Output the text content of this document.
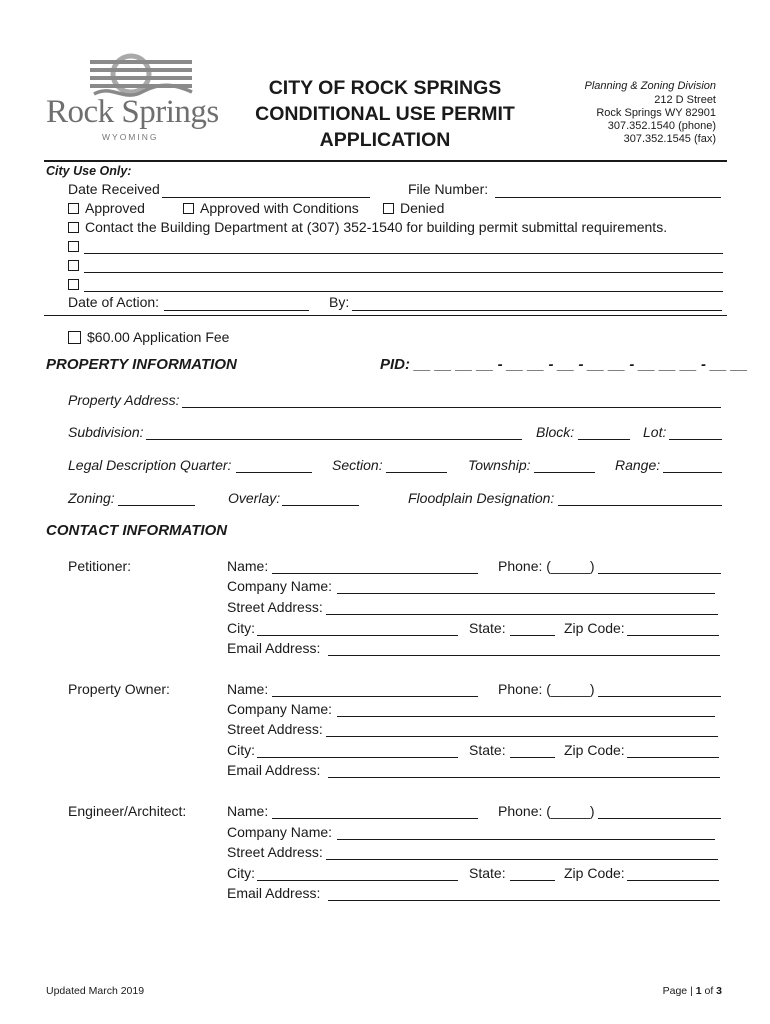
Rock Springs
WYOMING
CITY OF ROCK SPRINGS
CONDITIONAL USE PERMIT
APPLICATION
Planning & Zoning Division
212 D Street
Rock Springs WY 82901
307.352.1540 (phone)
307.352.1545 (fax)
City Use Only:
Date Received	File Number:
Approved	Approved with Conditions	Denied
Contact the Building Department at (307) 352-1540 for building permit submittal requirements.
Date of Action:	By:
$60.00 Application Fee
PROPERTY INFORMATION	PID: __ __ __ __ - __ __ - __ - __ __ - __ __ __ - __ __
Property Address:
Subdivision:	Block:	Lot:
Legal Description Quarter:	Section:	Township:	Range:
Zoning:	Overlay:	Floodplain Designation:
CONTACT INFORMATION
Petitioner:	Name:	Phone: (_____)
Company Name:
Street Address:
City:	State:	Zip Code:
Email Address:
Property Owner:	Name:	Phone: (_____)
Company Name:
Street Address:
City:	State:	Zip Code:
Email Address:
Engineer/Architect:	Name:	Phone: (_____)
Company Name:
Street Address:
City:	State:	Zip Code:
Email Address:
Updated March 2019	Page | 1 of 3
